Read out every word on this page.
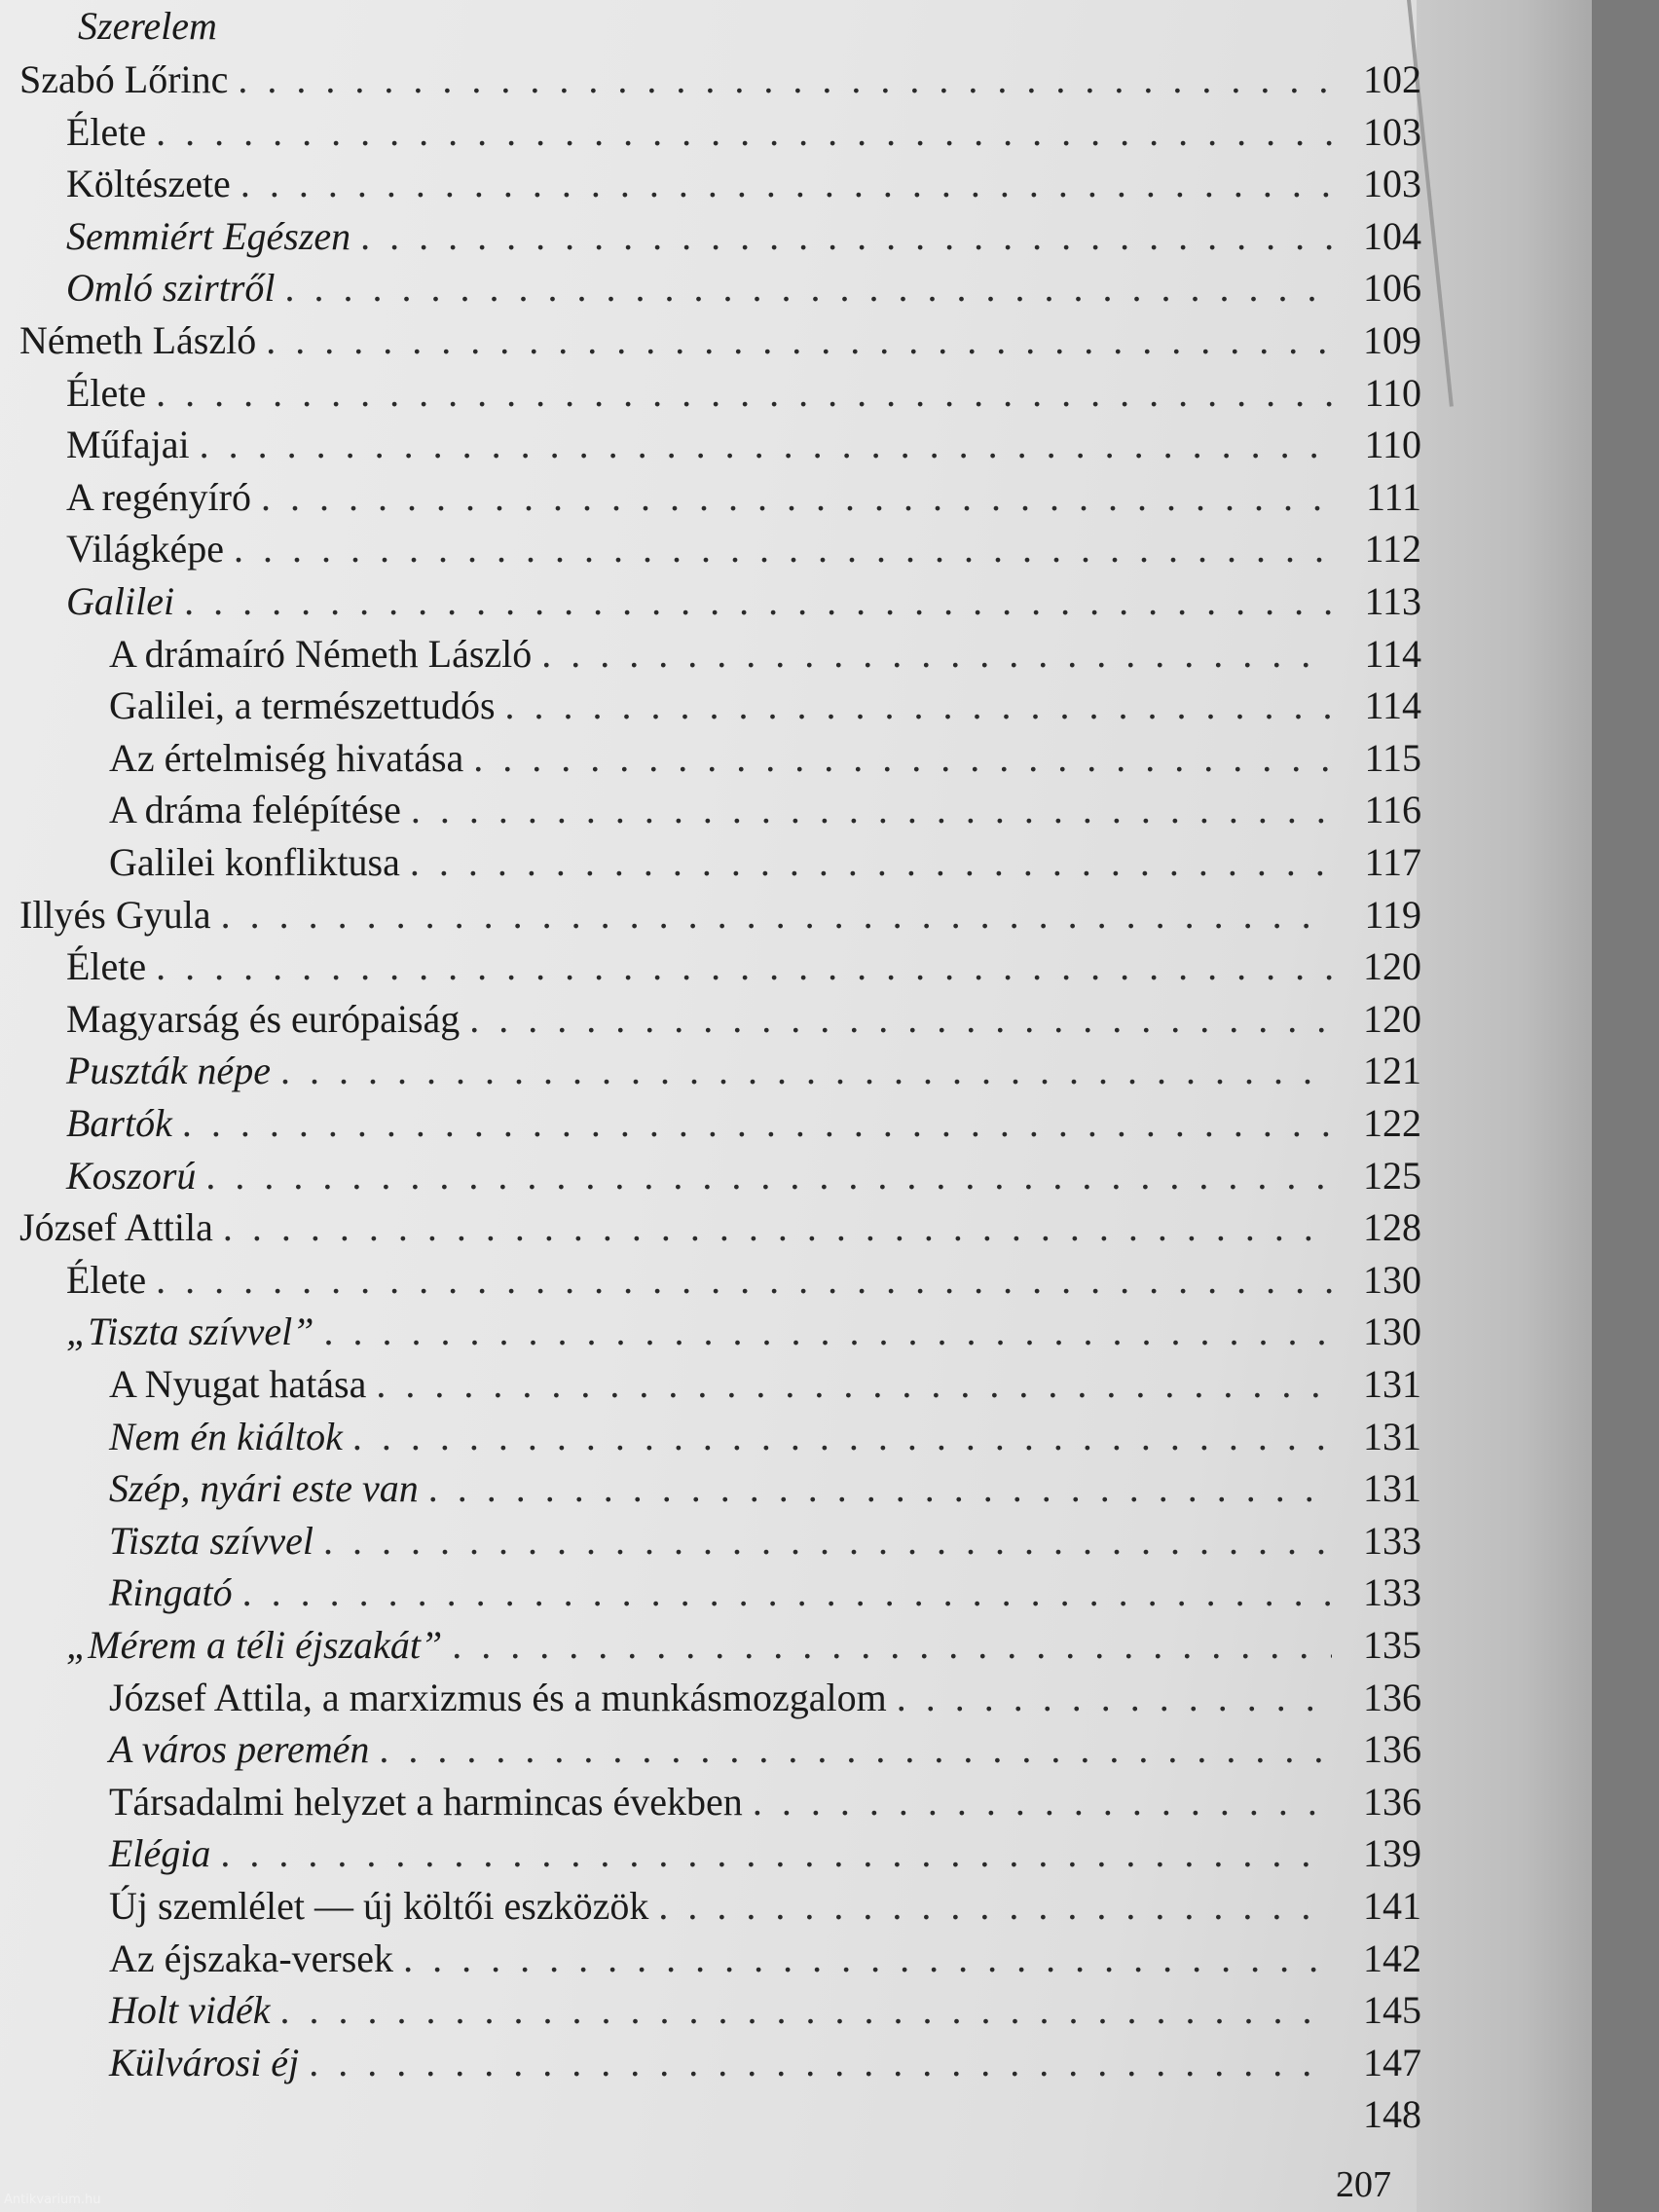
Szerelem
Szabó Lőrinc . . .	102
Élete . . .	103
Költészete . . .	103
Semmiért Egészen . . .	104
Omló szirtről . . .	106
Németh László . . .	109
Élete . . .	110
Műfajai . . .	110
A regényíró . . .	111
Világképe . . .	112
Galilei . . .	113
A drámaíró Németh László . . .	114
Galilei, a természettudós . . .	114
Az értelmiség hivatása . . .	115
A dráma felépítése . . .	116
Galilei konfliktusa . . .	117
Illyés Gyula . . .	119
Élete . . .	120
Magyarság és európaiság . . .	120
Puszták népe . . .	121
Bartók . . .	122
Koszorú . . .	125
József Attila . . .	128
Élete . . .	130
„Tiszta szívvel” . . .	130
A Nyugat hatása . . .	131
Nem én kiáltok . . .	131
Szép, nyári este van . . .	131
Tiszta szívvel . . .	133
Ringató . . .	133
„Mérem a téli éjszakát” . . .	135
József Attila, a marxizmus és a munkásmozgalom . . .	136
A város peremén . . .	136
Társadalmi helyzet a harmincas években . . .	136
Elégia . . .	139
Új szemlélet — új költői eszközök . . .	141
Az éjszaka-versek . . .	142
Holt vidék . . .	145
Külvárosi éj . . .	147
148
207
Antikvarium.hu
